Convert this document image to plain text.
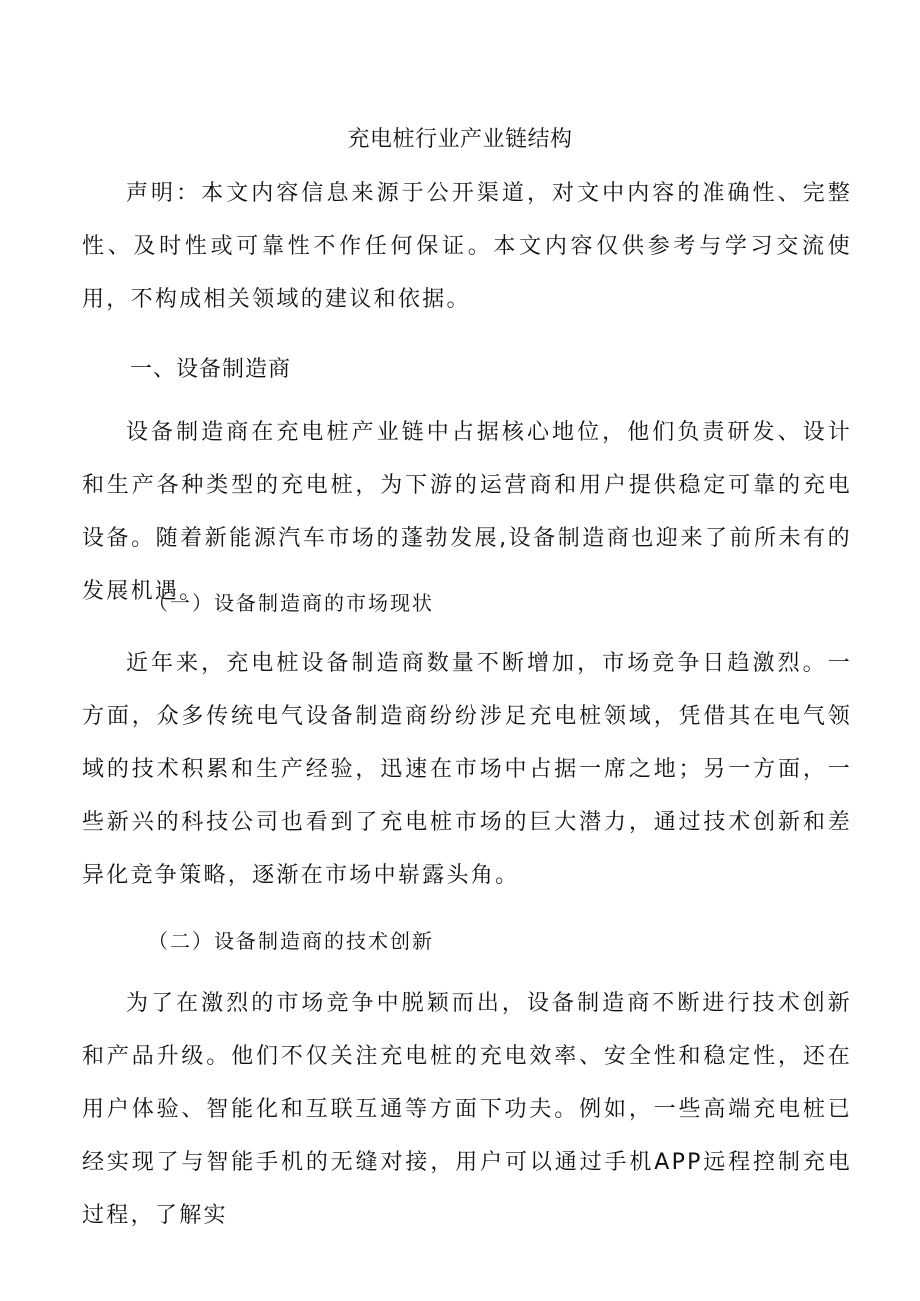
充电桩行业产业链结构

声明：本文内容信息来源于公开渠道，对文中内容的准确性、完整性、及时性或可靠性不作任何保证。本文内容仅供参考与学习交流使用，不构成相关领域的建议和依据。

一、设备制造商

设备制造商在充电桩产业链中占据核心地位，他们负责研发、设计和生产各种类型的充电桩，为下游的运营商和用户提供稳定可靠的充电设备。随着新能源汽车市场的蓬勃发展,设备制造商也迎来了前所未有的发展机遇。

（一）设备制造商的市场现状

近年来，充电桩设备制造商数量不断增加，市场竞争日趋激烈。一方面，众多传统电气设备制造商纷纷涉足充电桩领域，凭借其在电气领域的技术积累和生产经验，迅速在市场中占据一席之地；另一方面，一些新兴的科技公司也看到了充电桩市场的巨大潜力，通过技术创新和差异化竞争策略，逐渐在市场中崭露头角。

（二）设备制造商的技术创新

为了在激烈的市场竞争中脱颖而出，设备制造商不断进行技术创新和产品升级。他们不仅关注充电桩的充电效率、安全性和稳定性，还在用户体验、智能化和互联互通等方面下功夫。例如，一些高端充电桩已经实现了与智能手机的无缝对接，用户可以通过手机APP远程控制充电过程，了解实
